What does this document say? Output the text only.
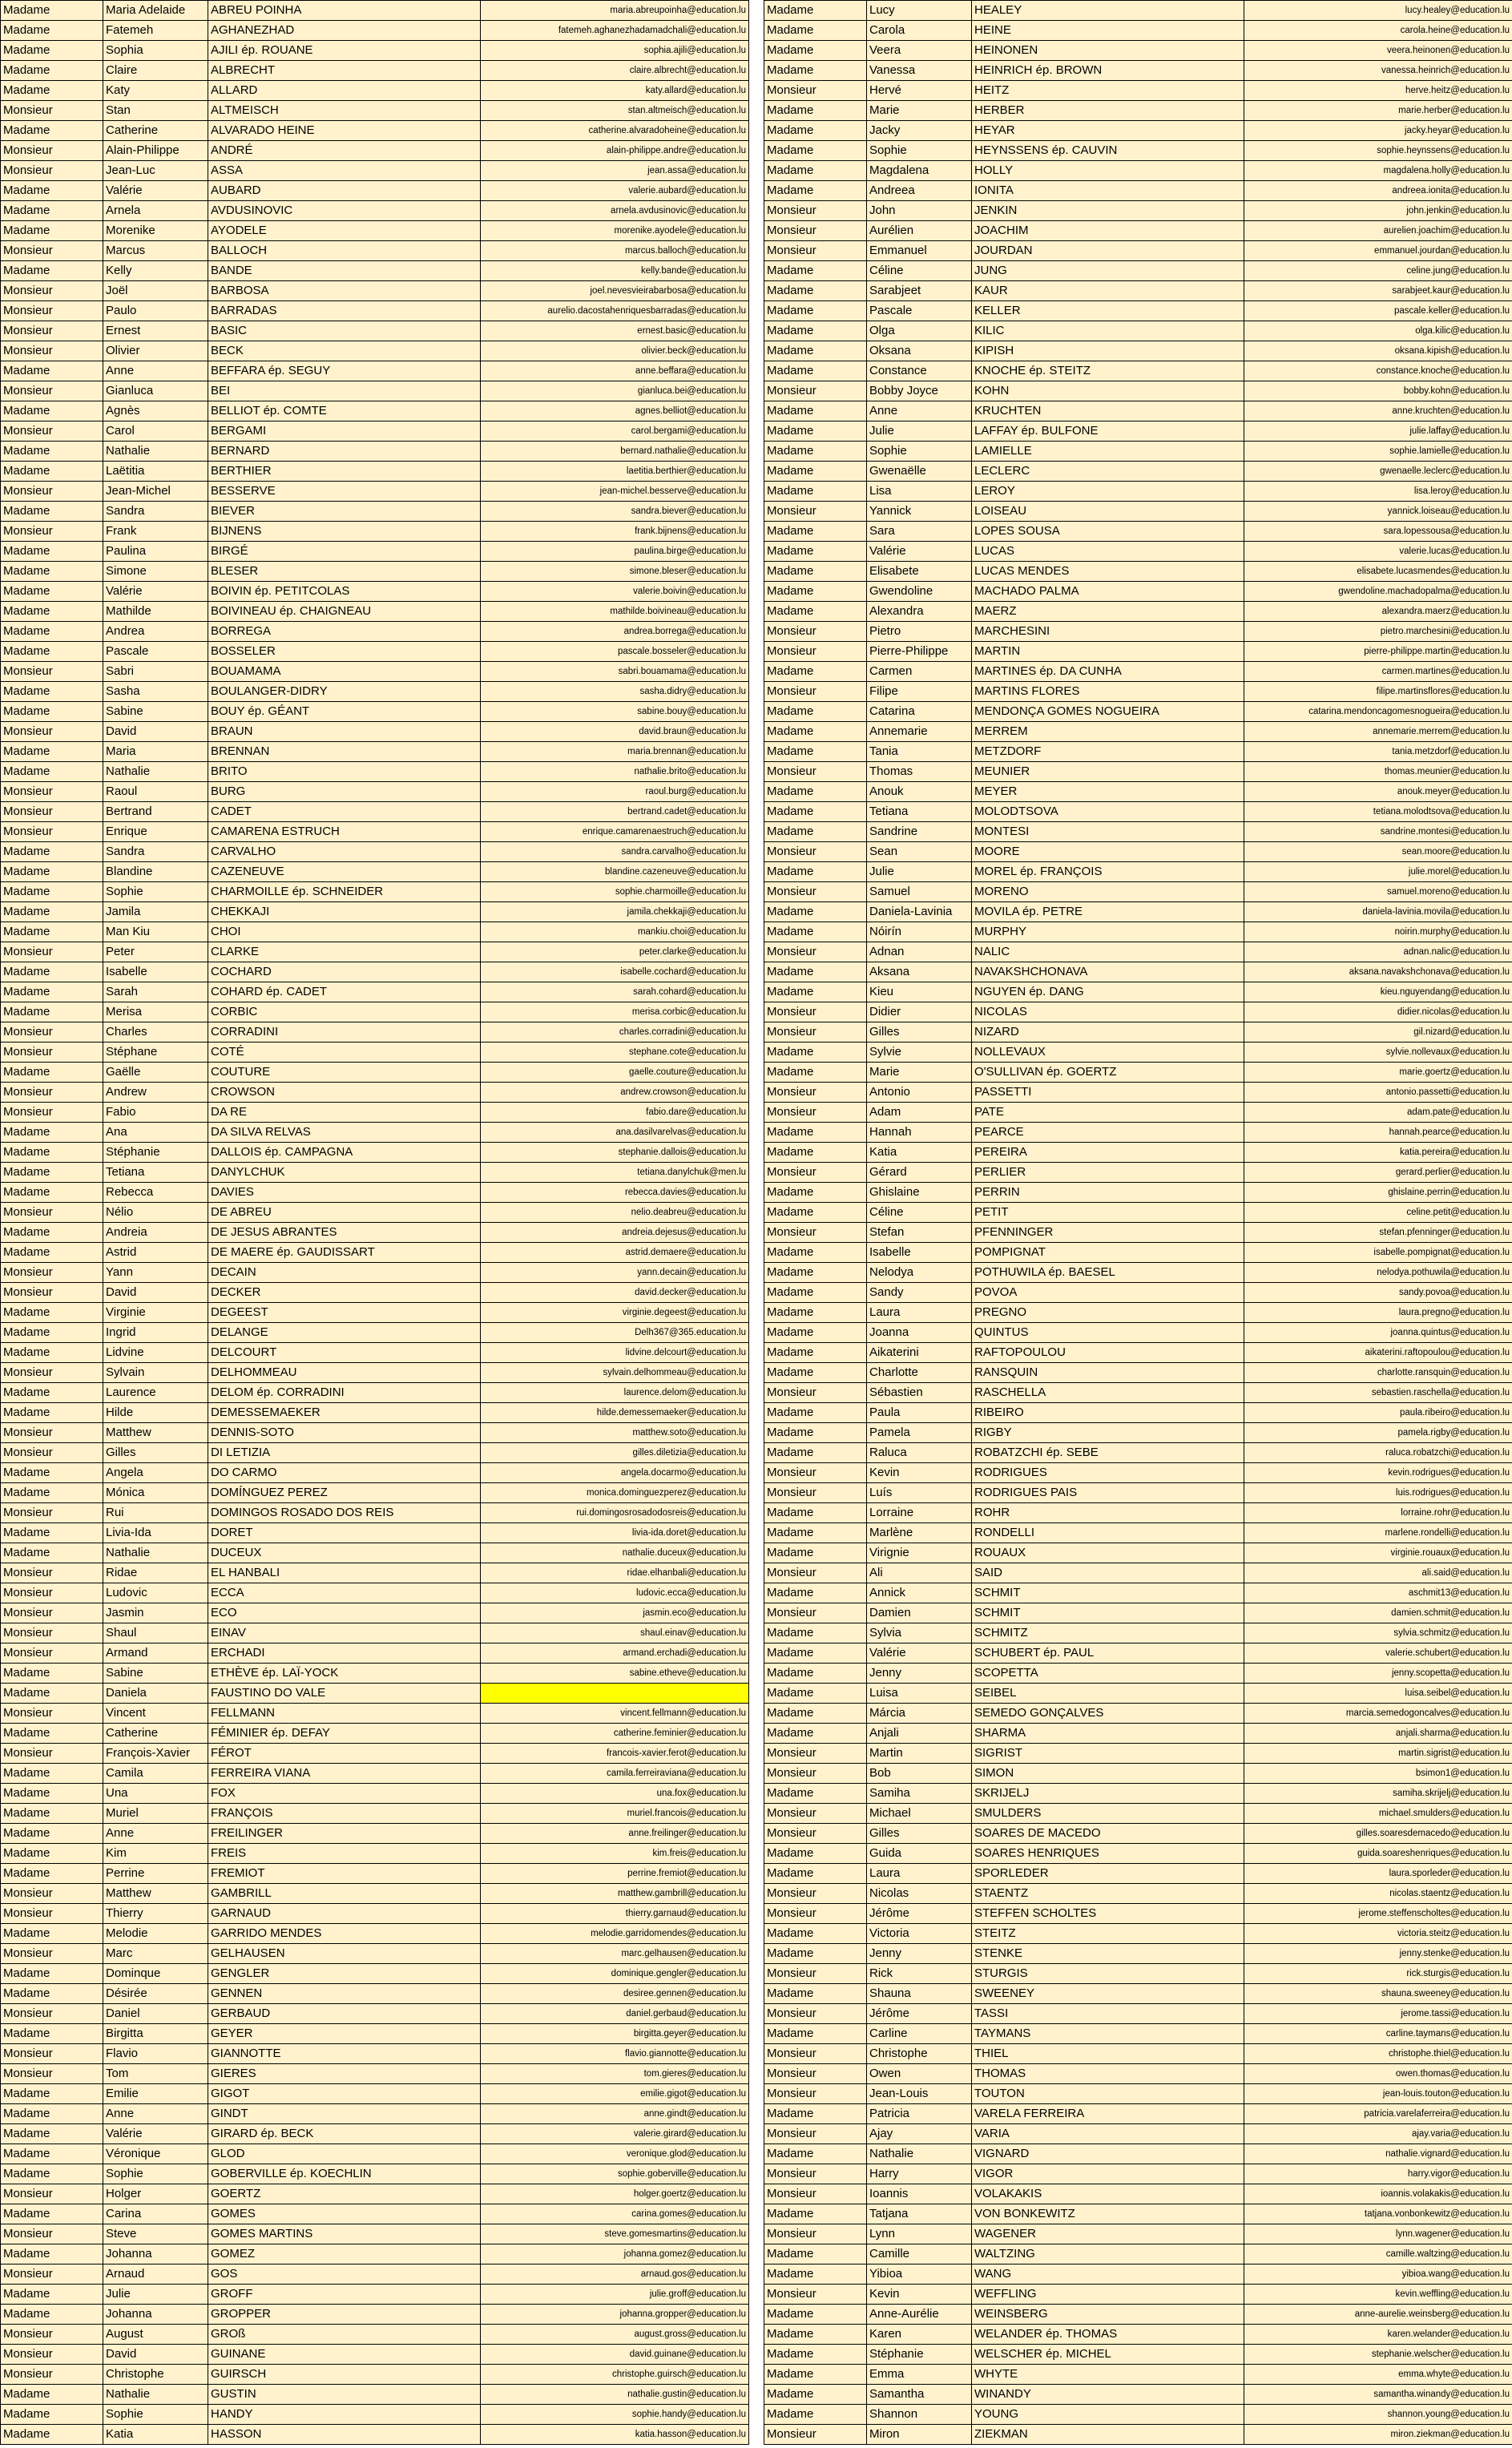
Madame	Maria Adelaide	ABREU POINHA	maria.abreupoinha@education.lu
Madame	Fatemeh	AGHANEZHAD	fatemeh.aghanezhadamadchali@education.lu
Madame	Sophia	AJILI ép. ROUANE	sophia.ajili@education.lu
Madame	Claire	ALBRECHT	claire.albrecht@education.lu
Madame	Katy	ALLARD	katy.allard@education.lu
Monsieur	Stan	ALTMEISCH	stan.altmeisch@education.lu
Madame	Catherine	ALVARADO HEINE	catherine.alvaradoheine@education.lu
Monsieur	Alain-Philippe	ANDRÉ	alain-philippe.andre@education.lu
Monsieur	Jean-Luc	ASSA	jean.assa@education.lu
Madame	Valérie	AUBARD	valerie.aubard@education.lu
Madame	Arnela	AVDUSINOVIC	arnela.avdusinovic@education.lu
Madame	Morenike	AYODELE	morenike.ayodele@education.lu
Monsieur	Marcus	BALLOCH	marcus.balloch@education.lu
Madame	Kelly	BANDE	kelly.bande@education.lu
Monsieur	Joël	BARBOSA	joel.nevesvieirabarbosa@education.lu
Monsieur	Paulo	BARRADAS	aurelio.dacostahenriquesbarradas@education.lu
Monsieur	Ernest	BASIC	ernest.basic@education.lu
Monsieur	Olivier	BECK	olivier.beck@education.lu
Madame	Anne	BEFFARA ép. SEGUY	anne.beffara@education.lu
Monsieur	Gianluca	BEI	gianluca.bei@education.lu
Madame	Agnès	BELLIOT ép. COMTE	agnes.belliot@education.lu
Monsieur	Carol	BERGAMI	carol.bergami@education.lu
Madame	Nathalie	BERNARD	bernard.nathalie@education.lu
Madame	Laëtitia	BERTHIER	laetitia.berthier@education.lu
Monsieur	Jean-Michel	BESSERVE	jean-michel.besserve@education.lu
Madame	Sandra	BIEVER	sandra.biever@education.lu
Monsieur	Frank	BIJNENS	frank.bijnens@education.lu
Madame	Paulina	BIRGÉ	paulina.birge@education.lu
Madame	Simone	BLESER	simone.bleser@education.lu
Madame	Valérie	BOIVIN ép. PETITCOLAS	valerie.boivin@education.lu
Madame	Mathilde	BOIVINEAU ép. CHAIGNEAU	mathilde.boivineau@education.lu
Madame	Andrea	BORREGA	andrea.borrega@education.lu
Madame	Pascale	BOSSELER	pascale.bosseler@education.lu
Monsieur	Sabri	BOUAMAMA	sabri.bouamama@education.lu
Madame	Sasha	BOULANGER-DIDRY	sasha.didry@education.lu
Madame	Sabine	BOUY ép. GÉANT	sabine.bouy@education.lu
Monsieur	David	BRAUN	david.braun@education.lu
Madame	Maria	BRENNAN	maria.brennan@education.lu
Madame	Nathalie	BRITO	nathalie.brito@education.lu
Monsieur	Raoul	BURG	raoul.burg@education.lu
Monsieur	Bertrand	CADET	bertrand.cadet@education.lu
Monsieur	Enrique	CAMARENA ESTRUCH	enrique.camarenaestruch@education.lu
Madame	Sandra	CARVALHO	sandra.carvalho@education.lu
Madame	Blandine	CAZENEUVE	blandine.cazeneuve@education.lu
Madame	Sophie	CHARMOILLE ép. SCHNEIDER	sophie.charmoille@education.lu
Madame	Jamila	CHEKKAJI	jamila.chekkaji@education.lu
Madame	Man Kiu	CHOI	mankiu.choi@education.lu
Monsieur	Peter	CLARKE	peter.clarke@education.lu
Madame	Isabelle	COCHARD	isabelle.cochard@education.lu
Madame	Sarah	COHARD ép. CADET	sarah.cohard@education.lu
Madame	Merisa	CORBIC	merisa.corbic@education.lu
Monsieur	Charles	CORRADINI	charles.corradini@education.lu
Monsieur	Stéphane	COTÉ	stephane.cote@education.lu
Madame	Gaëlle	COUTURE	gaelle.couture@education.lu
Monsieur	Andrew	CROWSON	andrew.crowson@education.lu
Monsieur	Fabio	DA RE	fabio.dare@education.lu
Madame	Ana	DA SILVA RELVAS	ana.dasilvarelvas@education.lu
Madame	Stéphanie	DALLOIS ép. CAMPAGNA	stephanie.dallois@education.lu
Madame	Tetiana	DANYLCHUK	tetiana.danylchuk@men.lu
Madame	Rebecca	DAVIES	rebecca.davies@education.lu
Monsieur	Nélio	DE ABREU	nelio.deabreu@education.lu
Madame	Andreia	DE JESUS ABRANTES	andreia.dejesus@education.lu
Madame	Astrid	DE MAERE ép. GAUDISSART	astrid.demaere@education.lu
Monsieur	Yann	DECAIN	yann.decain@education.lu
Monsieur	David	DECKER	david.decker@education.lu
Madame	Virginie	DEGEEST	virginie.degeest@education.lu
Madame	Ingrid	DELANGE	Delh367@365.education.lu
Madame	Lidvine	DELCOURT	lidvine.delcourt@education.lu
Monsieur	Sylvain	DELHOMMEAU	sylvain.delhommeau@education.lu
Madame	Laurence	DELOM ép. CORRADINI	laurence.delom@education.lu
Madame	Hilde	DEMESSEMAEKER	hilde.demessemaeker@education.lu
Monsieur	Matthew	DENNIS-SOTO	matthew.soto@education.lu
Monsieur	Gilles	DI LETIZIA	gilles.diletizia@education.lu
Madame	Angela	DO CARMO	angela.docarmo@education.lu
Madame	Mónica	DOMÍNGUEZ PEREZ	monica.dominguezperez@education.lu
Monsieur	Rui	DOMINGOS ROSADO DOS REIS	rui.domingosrosadodosreis@education.lu
Madame	Livia-Ida	DORET	livia-ida.doret@education.lu
Madame	Nathalie	DUCEUX	nathalie.duceux@education.lu
Monsieur	Ridae	EL HANBALI	ridae.elhanbali@education.lu
Monsieur	Ludovic	ECCA	ludovic.ecca@education.lu
Monsieur	Jasmin	ECO	jasmin.eco@education.lu
Monsieur	Shaul	EINAV	shaul.einav@education.lu
Monsieur	Armand	ERCHADI	armand.erchadi@education.lu
Madame	Sabine	ETHÈVE ép. LAÏ-YOCK	sabine.etheve@education.lu
Madame	Daniela	FAUSTINO DO VALE	
Monsieur	Vincent	FELLMANN	vincent.fellmann@education.lu
Madame	Catherine	FÉMINIER ép. DEFAY	catherine.feminier@education.lu
Monsieur	François-Xavier	FÉROT	francois-xavier.ferot@education.lu
Madame	Camila	FERREIRA VIANA	camila.ferreiraviana@education.lu
Madame	Una	FOX	una.fox@education.lu
Madame	Muriel	FRANÇOIS	muriel.francois@education.lu
Madame	Anne	FREILINGER	anne.freilinger@education.lu
Madame	Kim	FREIS	kim.freis@education.lu
Madame	Perrine	FREMIOT	perrine.fremiot@education.lu
Monsieur	Matthew	GAMBRILL	matthew.gambrill@education.lu
Monsieur	Thierry	GARNAUD	thierry.garnaud@education.lu
Madame	Melodie	GARRIDO MENDES	melodie.garridomendes@education.lu
Monsieur	Marc	GELHAUSEN	marc.gelhausen@education.lu
Madame	Dominque	GENGLER	dominique.gengler@education.lu
Madame	Désirée	GENNEN	desiree.gennen@education.lu
Monsieur	Daniel	GERBAUD	daniel.gerbaud@education.lu
Madame	Birgitta	GEYER	birgitta.geyer@education.lu
Monsieur	Flavio	GIANNOTTE	flavio.giannotte@education.lu
Monsieur	Tom	GIERES	tom.gieres@education.lu
Madame	Emilie	GIGOT	emilie.gigot@education.lu
Madame	Anne	GINDT	anne.gindt@education.lu
Madame	Valérie	GIRARD ép. BECK	valerie.girard@education.lu
Madame	Véronique	GLOD	veronique.glod@education.lu
Madame	Sophie	GOBERVILLE ép. KOECHLIN	sophie.goberville@education.lu
Monsieur	Holger	GOERTZ	holger.goertz@education.lu
Madame	Carina	GOMES	carina.gomes@education.lu
Monsieur	Steve	GOMES MARTINS	steve.gomesmartins@education.lu
Madame	Johanna	GOMEZ	johanna.gomez@education.lu
Monsieur	Arnaud	GOS	arnaud.gos@education.lu
Madame	Julie	GROFF	julie.groff@education.lu
Madame	Johanna	GROPPER	johanna.gropper@education.lu
Monsieur	August	GROß	august.gross@education.lu
Monsieur	David	GUINANE	david.guinane@education.lu
Monsieur	Christophe	GUIRSCH	christophe.guirsch@education.lu
Madame	Nathalie	GUSTIN	nathalie.gustin@education.lu
Madame	Sophie	HANDY	sophie.handy@education.lu
Madame	Katia	HASSON	katia.hasson@education.lu
Madame	Lucy	HEALEY	lucy.healey@education.lu
Madame	Carola	HEINE	carola.heine@education.lu
Madame	Veera	HEINONEN	veera.heinonen@education.lu
Madame	Vanessa	HEINRICH ép. BROWN	vanessa.heinrich@education.lu
Monsieur	Hervé	HEITZ	herve.heitz@education.lu
Madame	Marie	HERBER	marie.herber@education.lu
Madame	Jacky	HEYAR	jacky.heyar@education.lu
Madame	Sophie	HEYNSSENS ép. CAUVIN	sophie.heynssens@education.lu
Madame	Magdalena	HOLLY	magdalena.holly@education.lu
Madame	Andreea	IONITA	andreea.ionita@education.lu
Monsieur	John	JENKIN	john.jenkin@education.lu
Monsieur	Aurélien	JOACHIM	aurelien.joachim@education.lu
Monsieur	Emmanuel	JOURDAN	emmanuel.jourdan@education.lu
Madame	Céline	JUNG	celine.jung@education.lu
Madame	Sarabjeet	KAUR	sarabjeet.kaur@education.lu
Madame	Pascale	KELLER	pascale.keller@education.lu
Madame	Olga	KILIC	olga.kilic@education.lu
Madame	Oksana	KIPISH	oksana.kipish@education.lu
Madame	Constance	KNOCHE ép. STEITZ	constance.knoche@education.lu
Monsieur	Bobby Joyce	KOHN	bobby.kohn@education.lu
Madame	Anne	KRUCHTEN	anne.kruchten@education.lu
Madame	Julie	LAFFAY ép. BULFONE	julie.laffay@education.lu
Madame	Sophie	LAMIELLE	sophie.lamielle@education.lu
Madame	Gwenaëlle	LECLERC	gwenaelle.leclerc@education.lu
Madame	Lisa	LEROY	lisa.leroy@education.lu
Monsieur	Yannick	LOISEAU	yannick.loiseau@education.lu
Madame	Sara	LOPES SOUSA	sara.lopessousa@education.lu
Madame	Valérie	LUCAS	valerie.lucas@education.lu
Madame	Elisabete	LUCAS MENDES	elisabete.lucasmendes@education.lu
Madame	Gwendoline	MACHADO PALMA	gwendoline.machadopalma@education.lu
Madame	Alexandra	MAERZ	alexandra.maerz@education.lu
Monsieur	Pietro	MARCHESINI	pietro.marchesini@education.lu
Monsieur	Pierre-Philippe	MARTIN	pierre-philippe.martin@education.lu
Madame	Carmen	MARTINES ép. DA CUNHA	carmen.martines@education.lu
Monsieur	Filipe	MARTINS FLORES	filipe.martinsflores@education.lu
Madame	Catarina	MENDONÇA GOMES NOGUEIRA	catarina.mendoncagomesnogueira@education.lu
Madame	Annemarie	MERREM	annemarie.merrem@education.lu
Madame	Tania	METZDORF	tania.metzdorf@education.lu
Monsieur	Thomas	MEUNIER	thomas.meunier@education.lu
Madame	Anouk	MEYER	anouk.meyer@education.lu
Madame	Tetiana	MOLODTSOVA	tetiana.molodtsova@education.lu
Madame	Sandrine	MONTESI	sandrine.montesi@education.lu
Monsieur	Sean	MOORE	sean.moore@education.lu
Madame	Julie	MOREL ép. FRANÇOIS	julie.morel@education.lu
Monsieur	Samuel	MORENO	samuel.moreno@education.lu
Madame	Daniela-Lavinia	MOVILA ép. PETRE	daniela-lavinia.movila@education.lu
Madame	Nóirín	MURPHY	noirin.murphy@education.lu
Monsieur	Adnan	NALIC	adnan.nalic@education.lu
Madame	Aksana	NAVAKSHCHONAVA	aksana.navakshchonava@education.lu
Madame	Kieu	NGUYEN ép. DANG	kieu.nguyendang@education.lu
Monsieur	Didier	NICOLAS	didier.nicolas@education.lu
Monsieur	Gilles	NIZARD	gil.nizard@education.lu
Madame	Sylvie	NOLLEVAUX	sylvie.nollevaux@education.lu
Madame	Marie	O'SULLIVAN ép. GOERTZ	marie.goertz@education.lu
Monsieur	Antonio	PASSETTI	antonio.passetti@education.lu
Monsieur	Adam	PATE	adam.pate@education.lu
Madame	Hannah	PEARCE	hannah.pearce@education.lu
Madame	Katia	PEREIRA	katia.pereira@education.lu
Monsieur	Gérard	PERLIER	gerard.perlier@education.lu
Madame	Ghislaine	PERRIN	ghislaine.perrin@education.lu
Madame	Céline	PETIT	celine.petit@education.lu
Monsieur	Stefan	PFENNINGER	stefan.pfenninger@education.lu
Madame	Isabelle	POMPIGNAT	isabelle.pompignat@education.lu
Madame	Nelodya	POTHUWILA ép. BAESEL	nelodya.pothuwila@education.lu
Madame	Sandy	POVOA	sandy.povoa@education.lu
Madame	Laura	PREGNO	laura.pregno@education.lu
Madame	Joanna	QUINTUS	joanna.quintus@education.lu
Madame	Aikaterini	RAFTOPOULOU	aikaterini.raftopoulou@education.lu
Madame	Charlotte	RANSQUIN	charlotte.ransquin@education.lu
Monsieur	Sébastien	RASCHELLA	sebastien.raschella@education.lu
Madame	Paula	RIBEIRO	paula.ribeiro@education.lu
Madame	Pamela	RIGBY	pamela.rigby@education.lu
Madame	Raluca	ROBATZCHI ép. SEBE	raluca.robatzchi@education.lu
Monsieur	Kevin	RODRIGUES	kevin.rodrigues@education.lu
Monsieur	Luís	RODRIGUES PAIS	luis.rodrigues@education.lu
Madame	Lorraine	ROHR	lorraine.rohr@education.lu
Madame	Marlène	RONDELLI	marlene.rondelli@education.lu
Madame	Virignie	ROUAUX	virginie.rouaux@education.lu
Monsieur	Ali	SAID	ali.said@education.lu
Madame	Annick	SCHMIT	aschmit13@education.lu
Monsieur	Damien	SCHMIT	damien.schmit@education.lu
Madame	Sylvia	SCHMITZ	sylvia.schmitz@education.lu
Madame	Valérie	SCHUBERT ép. PAUL	valerie.schubert@education.lu
Madame	Jenny	SCOPETTA	jenny.scopetta@education.lu
Madame	Luisa	SEIBEL	luisa.seibel@education.lu
Madame	Márcia	SEMEDO GONÇALVES	marcia.semedogoncalves@education.lu
Madame	Anjali	SHARMA	anjali.sharma@education.lu
Monsieur	Martin	SIGRIST	martin.sigrist@education.lu
Monsieur	Bob	SIMON	bsimon1@education.lu
Madame	Samiha	SKRIJELJ	samiha.skrijelj@education.lu
Monsieur	Michael	SMULDERS	michael.smulders@education.lu
Monsieur	Gilles	SOARES DE MACEDO	gilles.soaresdemacedo@education.lu
Madame	Guida	SOARES HENRIQUES	guida.soareshenriques@education.lu
Madame	Laura	SPORLEDER	laura.sporleder@education.lu
Monsieur	Nicolas	STAENTZ	nicolas.staentz@education.lu
Monsieur	Jérôme	STEFFEN SCHOLTES	jerome.steffenscholtes@education.lu
Madame	Victoria	STEITZ	victoria.steitz@education.lu
Madame	Jenny	STENKE	jenny.stenke@education.lu
Monsieur	Rick	STURGIS	rick.sturgis@education.lu
Madame	Shauna	SWEENEY	shauna.sweeney@education.lu
Monsieur	Jérôme	TASSI	jerome.tassi@education.lu
Madame	Carline	TAYMANS	carline.taymans@education.lu
Monsieur	Christophe	THIEL	christophe.thiel@education.lu
Monsieur	Owen	THOMAS	owen.thomas@education.lu
Monsieur	Jean-Louis	TOUTON	jean-louis.touton@education.lu
Madame	Patricia	VARELA FERREIRA	patricia.varelaferreira@education.lu
Monsieur	Ajay	VARIA	ajay.varia@education.lu
Madame	Nathalie	VIGNARD	nathalie.vignard@education.lu
Monsieur	Harry	VIGOR	harry.vigor@education.lu
Monsieur	Ioannis	VOLAKAKIS	ioannis.volakakis@education.lu
Madame	Tatjana	VON BONKEWITZ	tatjana.vonbonkewitz@education.lu
Monsieur	Lynn	WAGENER	lynn.wagener@education.lu
Madame	Camille	WALTZING	camille.waltzing@education.lu
Madame	Yibioa	WANG	yibioa.wang@education.lu
Monsieur	Kevin	WEFFLING	kevin.weffling@education.lu
Madame	Anne-Aurélie	WEINSBERG	anne-aurelie.weinsberg@education.lu
Madame	Karen	WELANDER ép. THOMAS	karen.welander@education.lu
Madame	Stéphanie	WELSCHER ép. MICHEL	stephanie.welscher@education.lu
Madame	Emma	WHYTE	emma.whyte@education.lu
Madame	Samantha	WINANDY	samantha.winandy@education.lu
Madame	Shannon	YOUNG	shannon.young@education.lu
Monsieur	Miron	ZIEKMAN	miron.ziekman@education.lu
